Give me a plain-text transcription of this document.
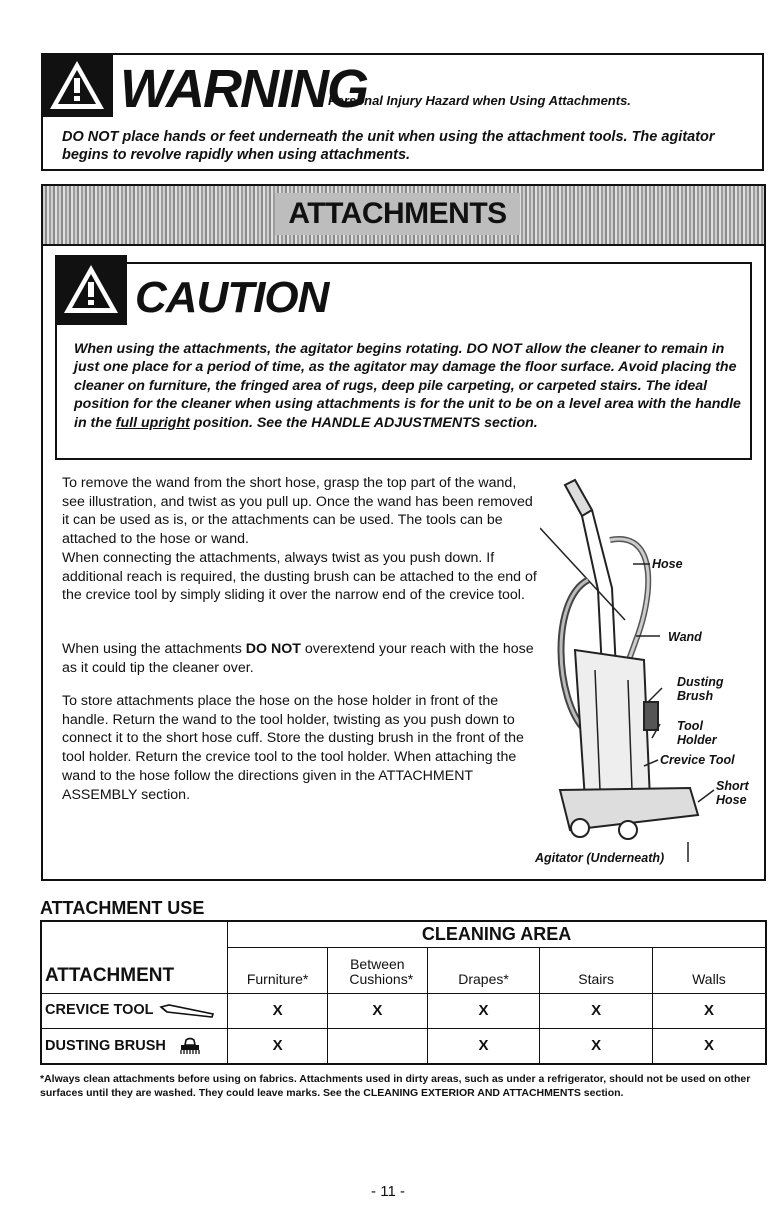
WARNING
Personal Injury Hazard when Using Attachments.
DO NOT place hands or feet underneath the unit when using the attachment tools. The agitator begins to revolve rapidly when using attachments.
ATTACHMENTS
CAUTION
When using the attachments, the agitator begins rotating. DO NOT allow the cleaner to remain in just one place for a period of time, as the agitator may damage the floor surface. Avoid placing the cleaner on furniture, the fringed area of rugs, deep pile carpeting, or carpeted stairs. The ideal position for the cleaner when using attachments is for the unit to be on a level area with the handle in the full upright position. See the HANDLE ADJUSTMENTS section.
To remove the wand from the short hose, grasp the top part of the wand, see illustration, and twist as you pull up. Once the wand has been removed it can be used as is, or the attachments can be used. The tools can be attached to the hose or wand.
When connecting the attachments, always twist as you push down. If additional reach is required, the dusting brush can be attached to the end of the crevice tool by simply sliding it over the narrow end of the crevice tool.
When using the attachments DO NOT overextend your reach with the hose as it could tip the cleaner over.
To store attachments place the hose on the hose holder in front of the handle. Return the wand to the tool holder, twisting as you push down to connect it to the short hose cuff. Store the dusting brush in the front of the tool holder. Return the crevice tool to the tool holder. When attaching the wand to the hose follow the directions given in the ATTACHMENT ASSEMBLY section.
Hose
Wand
Dusting Brush
Tool Holder
Crevice Tool
Short Hose
Agitator (Underneath)
ATTACHMENT USE
	CLEANING AREA				
ATTACHMENT	Furniture*	Between Cushions*	Drapes*	Stairs	Walls
CREVICE TOOL	X	X	X	X	X
DUSTING BRUSH	X		X	X	X
*Always clean attachments before using on fabrics. Attachments used in dirty areas, such as under a refrigerator, should not be used on other surfaces until they are washed. They could leave marks. See the CLEANING EXTERIOR AND ATTACHMENTS section.
- 11 -
